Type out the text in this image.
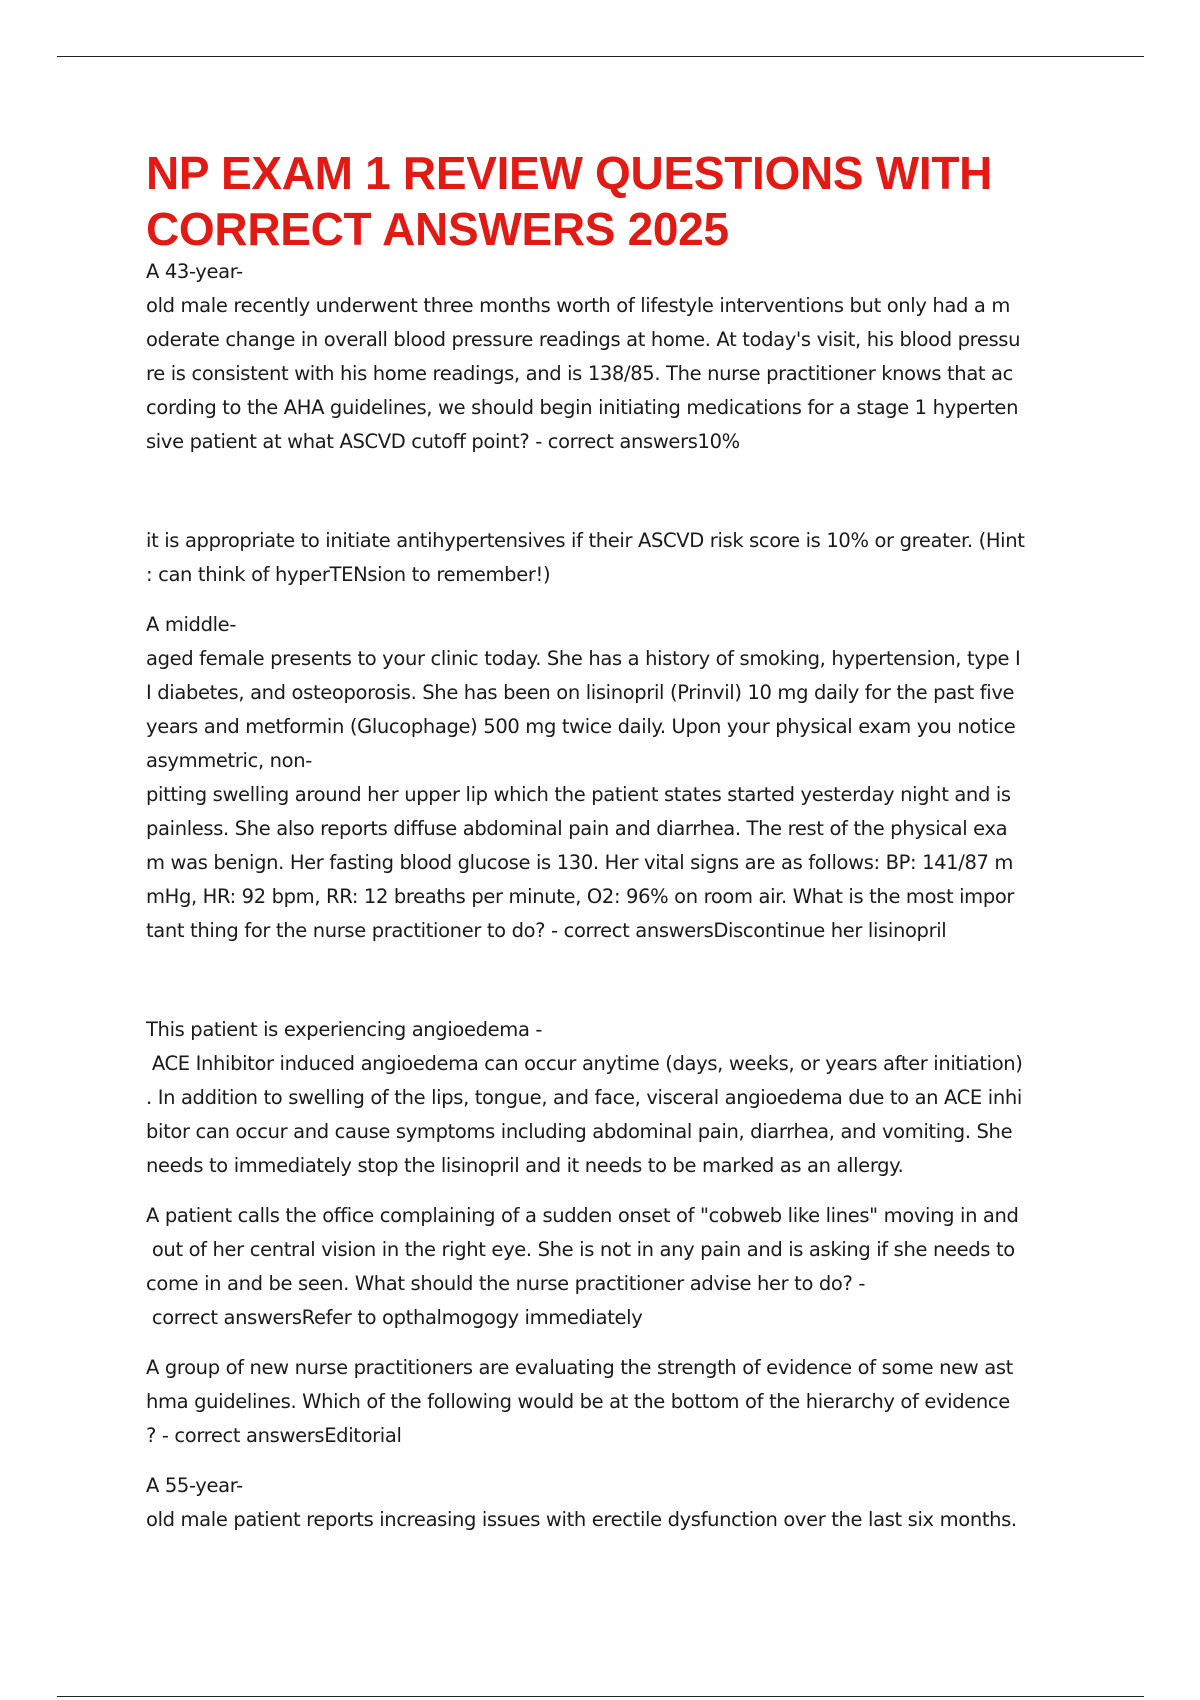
NP EXAM 1 REVIEW QUESTIONS WITH
CORRECT ANSWERS 2025

A 43-year-

old male recently underwent three months worth of lifestyle interventions but only had a m

oderate change in overall blood pressure readings at home. At today's visit, his blood pressu

re is consistent with his home readings, and is 138/85. The nurse practitioner knows that ac

cording to the AHA guidelines, we should begin initiating medications for a stage 1 hyperten

sive patient at what ASCVD cutoff point? - correct answers10%

it is appropriate to initiate antihypertensives if their ASCVD risk score is 10% or greater. (Hint

: can think of hyperTENsion to remember!)

A middle-

aged female presents to your clinic today. She has a history of smoking, hypertension, type I

I diabetes, and osteoporosis. She has been on lisinopril (Prinvil) 10 mg daily for the past five

years and metformin (Glucophage) 500 mg twice daily. Upon your physical exam you notice

asymmetric, non-

pitting swelling around her upper lip which the patient states started yesterday night and is

painless. She also reports diffuse abdominal pain and diarrhea. The rest of the physical exa

m was benign. Her fasting blood glucose is 130. Her vital signs are as follows: BP: 141/87 m

mHg, HR: 92 bpm, RR: 12 breaths per minute, O2: 96% on room air. What is the most impor

tant thing for the nurse practitioner to do? - correct answersDiscontinue her lisinopril

This patient is experiencing angioedema -

ACE Inhibitor induced angioedema can occur anytime (days, weeks, or years after initiation)

. In addition to swelling of the lips, tongue, and face, visceral angioedema due to an ACE inhi

bitor can occur and cause symptoms including abdominal pain, diarrhea, and vomiting. She

needs to immediately stop the lisinopril and it needs to be marked as an allergy.

A patient calls the office complaining of a sudden onset of "cobweb like lines" moving in and

out of her central vision in the right eye. She is not in any pain and is asking if she needs to

come in and be seen. What should the nurse practitioner advise her to do? -

correct answersRefer to opthalmogogy immediately

A group of new nurse practitioners are evaluating the strength of evidence of some new ast

hma guidelines. Which of the following would be at the bottom of the hierarchy of evidence

? - correct answersEditorial

A 55-year-

old male patient reports increasing issues with erectile dysfunction over the last six months.
